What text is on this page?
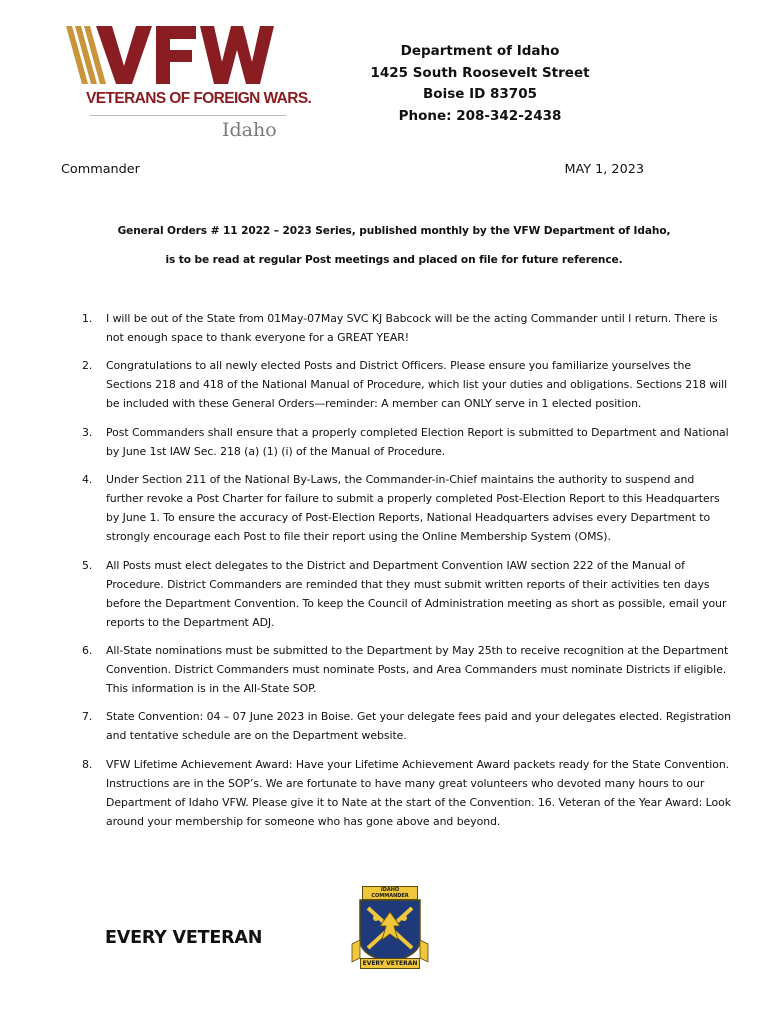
VETERANS OF FOREIGN WARS.
Idaho
Department of Idaho
1425 South Roosevelt Street
Boise ID 83705
Phone: 208-342-2438
Commander	MAY 1, 2023
General Orders # 11 2022 – 2023 Series, published monthly by the VFW Department of Idaho,
is to be read at regular Post meetings and placed on file for future reference.
1. I will be out of the State from 01May-07May SVC KJ Babcock will be the acting Commander until I return. There is not enough space to thank everyone for a GREAT YEAR!
2. Congratulations to all newly elected Posts and District Officers. Please ensure you familiarize yourselves the Sections 218 and 418 of the National Manual of Procedure, which list your duties and obligations. Sections 218 will be included with these General Orders—reminder: A member can ONLY serve in 1 elected position.
3. Post Commanders shall ensure that a properly completed Election Report is submitted to Department and National by June 1st IAW Sec. 218 (a) (1) (i) of the Manual of Procedure.
4. Under Section 211 of the National By-Laws, the Commander-in-Chief maintains the authority to suspend and further revoke a Post Charter for failure to submit a properly completed Post-Election Report to this Headquarters by June 1. To ensure the accuracy of Post-Election Reports, National Headquarters advises every Department to strongly encourage each Post to file their report using the Online Membership System (OMS).
5. All Posts must elect delegates to the District and Department Convention IAW section 222 of the Manual of Procedure. District Commanders are reminded that they must submit written reports of their activities ten days before the Department Convention. To keep the Council of Administration meeting as short as possible, email your reports to the Department ADJ.
6. All-State nominations must be submitted to the Department by May 25th to receive recognition at the Department Convention. District Commanders must nominate Posts, and Area Commanders must nominate Districts if eligible. This information is in the All-State SOP.
7. State Convention: 04 – 07 June 2023 in Boise. Get your delegate fees paid and your delegates elected. Registration and tentative schedule are on the Department website.
8. VFW Lifetime Achievement Award: Have your Lifetime Achievement Award packets ready for the State Convention. Instructions are in the SOP’s. We are fortunate to have many great volunteers who devoted many hours to our Department of Idaho VFW. Please give it to Nate at the start of the Convention. 16. Veteran of the Year Award: Look around your membership for someone who has gone above and beyond.
EVERY VETERAN
IDAHO COMMANDER
EVERY VETERAN
